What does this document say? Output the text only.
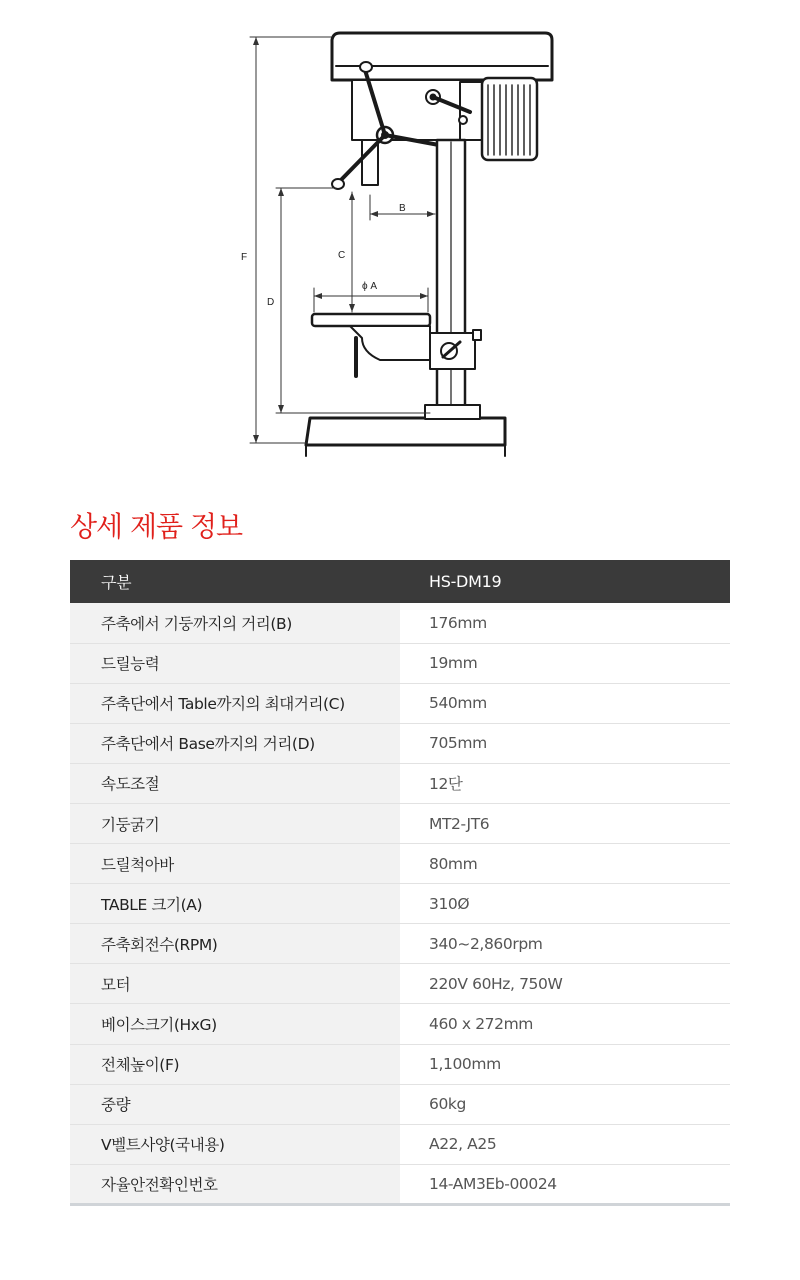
F
D
C
B
ϕ A
상세 제품 정보
구분	HS-DM19
주축에서 기둥까지의 거리(B)	176mm
드릴능력	19mm
주축단에서 Table까지의 최대거리(C)	540mm
주축단에서 Base까지의 거리(D)	705mm
속도조절	12단
기둥굵기	MT2-JT6
드릴척아바	80mm
TABLE 크기(A)	310Ø
주축회전수(RPM)	340~2,860rpm
모터	220V 60Hz, 750W
베이스크기(HxG)	460 x 272mm
전체높이(F)	1,100mm
중량	60kg
V벨트사양(국내용)	A22, A25
자율안전확인번호	14-AM3Eb-00024
